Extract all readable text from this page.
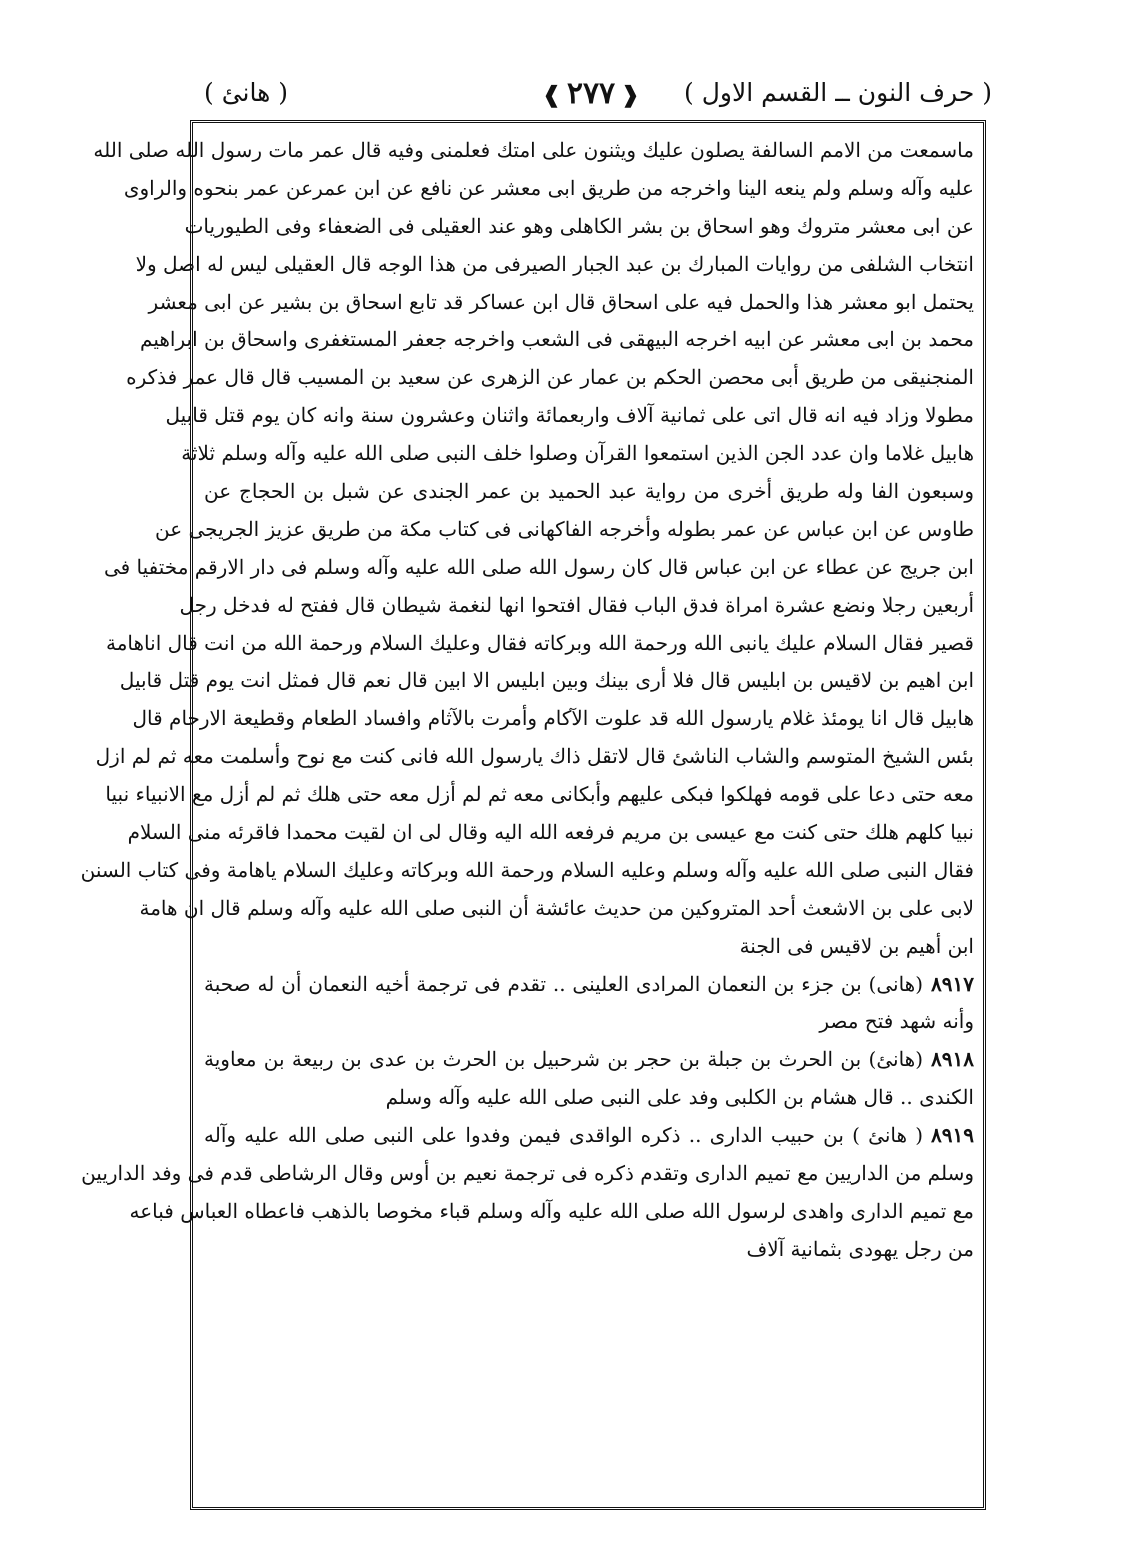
( حرف النون ــ القسم الاول )
❰ ٢٧٧ ❱
( هانئ )
ماسمعت من الامم السالفة يصلون عليك ويثنون على امتك فعلمنى وفيه قال عمر مات رسول الله صلى الله
عليه وآله وسلم ولم ينعه الينا واخرجه من طريق ابى معشر عن نافع عن ابن عمرعن عمر بنحوه والراوى
عن ابى معشر متروك وهو اسحاق بن بشر الكاهلى وهو عند العقيلى فى الضعفاء وفى الطيوريات
انتخاب الشلفى من روايات المبارك بن عبد الجبار الصيرفى من هذا الوجه قال العقيلى ليس له اصل ولا
يحتمل ابو معشر هذا والحمل فيه على اسحاق قال ابن عساكر قد تابع اسحاق بن بشير عن ابى معشر
محمد بن ابى معشر عن ابيه اخرجه البيهقى فى الشعب واخرجه جعفر المستغفرى واسحاق بن ابراهيم
المنجنيقى من طريق أبى محصن الحكم بن عمار عن الزهرى عن سعيد بن المسيب قال قال عمر فذكره
مطولا وزاد فيه انه قال اتى على ثمانية آلاف واربعمائة واثنان وعشرون سنة وانه كان يوم قتل قابيل
هابيل غلاما وان عدد الجن الذين استمعوا القرآن وصلوا خلف النبى صلى الله عليه وآله وسلم ثلاثة
وسبعون الفا وله طريق أخرى من رواية عبد الحميد بن عمر الجندى عن شبل بن الحجاج عن
طاوس عن ابن عباس عن عمر بطوله وأخرجه الفاكهانى فى كتاب مكة من طريق عزيز الجريجى عن
ابن جريج عن عطاء عن ابن عباس قال كان رسول الله صلى الله عليه وآله وسلم فى دار الارقم مختفيا فى
أربعين رجلا ونضع عشرة امراة فدق الباب فقال افتحوا انها لنغمة شيطان قال ففتح له فدخل رجل
قصير فقال السلام عليك يانبى الله ورحمة الله وبركاته فقال وعليك السلام ورحمة الله من انت قال اناهامة
ابن اهيم بن لاقيس بن ابليس قال فلا أرى بينك وبين ابليس الا ابين قال نعم قال فمثل انت يوم قتل قابيل
هابيل قال انا يومئذ غلام يارسول الله قد علوت الآكام وأمرت بالآثام وافساد الطعام وقطيعة الارحام قال
بئس الشيخ المتوسم والشاب الناشئ قال لاتقل ذاك يارسول الله فانى كنت مع نوح وأسلمت معه ثم لم ازل
معه حتى دعا على قومه فهلكوا فبكى عليهم وأبكانى معه ثم لم أزل معه حتى هلك ثم لم أزل مع الانبياء نبيا
نبيا كلهم هلك حتى كنت مع عيسى بن مريم فرفعه الله اليه وقال لى ان لقيت محمدا فاقرئه منى السلام
فقال النبى صلى الله عليه وآله وسلم وعليه السلام ورحمة الله وبركاته وعليك السلام ياهامة وفى كتاب السنن
لابى على بن الاشعث أحد المتروكين من حديث عائشة أن النبى صلى الله عليه وآله وسلم قال ان هامة
ابن أهيم بن لاقيس فى الجنة
٨٩١٧(هانى) بن جزء بن النعمان المرادى العلينى .. تقدم فى ترجمة أخيه النعمان أن له صحبة
وأنه شهد فتح مصر
٨٩١٨(هانئ) بن الحرث بن جبلة بن حجر بن شرحبيل بن الحرث بن عدى بن ربيعة بن معاوية
الكندى .. قال هشام بن الكلبى وفد على النبى صلى الله عليه وآله وسلم
٨٩١٩( هانئ ) بن حبيب الدارى .. ذكره الواقدى فيمن وفدوا على النبى صلى الله عليه وآله
وسلم من الداريين مع تميم الدارى وتقدم ذكره فى ترجمة نعيم بن أوس وقال الرشاطى قدم فى وفد الداريين
مع تميم الدارى واهدى لرسول الله صلى الله عليه وآله وسلم قباء مخوصا بالذهب فاعطاه العباس فباعه
من رجل يهودى بثمانية آلاف
